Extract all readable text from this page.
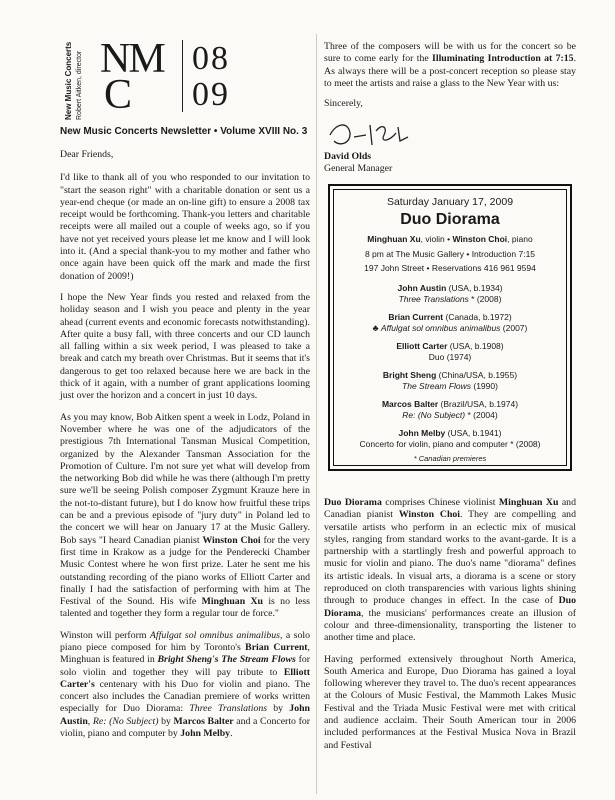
New Music Concerts Robert Aitken, director NM
C
08
09
New Music Concerts Newsletter • Volume XVIII No. 3

Dear Friends,

I'd like to thank all of you who responded to our invitation to "start the season right" with a charitable donation or sent us a year-end cheque (or made an on-line gift) to ensure a 2008 tax receipt would be forthcoming. Thank-you letters and charitable receipts were all mailed out a couple of weeks ago, so if you have not yet received yours please let me know and I will look into it. (And a special thank-you to my mother and father who once again have been quick off the mark and made the first donation of 2009!)

I hope the New Year finds you rested and relaxed from the holiday season and I wish you peace and plenty in the year ahead (current events and economic forecasts notwithstanding). After quite a busy fall, with three concerts and our CD launch all falling within a six week period, I was pleased to take a break and catch my breath over Christmas. But it seems that it's dangerous to get too relaxed because here we are back in the thick of it again, with a number of grant applications looming just over the horizon and a concert in just 10 days.

As you may know, Bob Aitken spent a week in Lodz, Poland in November where he was one of the adjudicators of the prestigious 7th International Tansman Musical Competition, organized by the Alexander Tansman Association for the Promotion of Culture. I'm not sure yet what will develop from the networking Bob did while he was there (although I'm pretty sure we'll be seeing Polish composer Zygmunt Krauze here in the not-to-distant future), but I do know how fruitful these trips can be and a previous episode of "jury duty" in Poland led to the concert we will hear on January 17 at the Music Gallery. Bob says "I heard Canadian pianist Winston Choi for the very first time in Krakow as a judge for the Penderecki Chamber Music Contest where he won first prize. Later he sent me his outstanding recording of the piano works of Elliott Carter and finally I had the satisfaction of performing with him at The Festival of the Sound. His wife Minghuan Xu is no less talented and together they form a regular tour de force."

Winston will perform Affulgat sol omnibus animalibus, a solo piano piece composed for him by Toronto's Brian Current, Minghuan is featured in Bright Sheng's The Stream Flows for solo violin and together they will pay tribute to Elliott Carter's centenary with his Duo for violin and piano. The concert also includes the Canadian premiere of works written especially for Duo Diorama: Three Translations by John Austin, Re: (No Subject) by Marcos Balter and a Concerto for violin, piano and computer by John Melby.

Three of the composers will be with us for the concert so be sure to come early for the Illuminating Introduction at 7:15. As always there will be a post-concert reception so please stay to meet the artists and raise a glass to the New Year with us:

Sincerely,

David Olds
General Manager
Saturday January 17, 2009
Duo Diorama
Minghuan Xu, violin • Winston Choi, piano
8 pm at The Music Gallery • Introduction 7:15
197 John Street • Reservations 416 961 9594
John Austin (USA, b.1934)
Three Translations * (2008)
Brian Current (Canada, b.1972)
♣ Affulgat sol omnibus animalibus (2007)
Elliott Carter (USA, b.1908)
Duo (1974)
Bright Sheng (China/USA, b.1955)
The Stream Flows (1990)
Marcos Balter (Brazil/USA, b.1974)
Re: (No Subject) * (2004)
John Melby (USA, b.1941)
Concerto for violin, piano and computer * (2008)
* Canadian premieres

Duo Diorama comprises Chinese violinist Minghuan Xu and Canadian pianist Winston Choi. They are compelling and versatile artists who perform in an eclectic mix of musical styles, ranging from standard works to the avant-garde. It is a partnership with a startlingly fresh and powerful approach to music for violin and piano. The duo's name "diorama" defines its artistic ideals. In visual arts, a diorama is a scene or story reproduced on cloth transparencies with various lights shining through to produce changes in effect. In the case of Duo Diorama, the musicians' performances create an illusion of colour and three-dimensionality, transporting the listener to another time and place.

Having performed extensively throughout North America, South America and Europe, Duo Diorama has gained a loyal following wherever they travel to. The duo's recent appearances at the Colours of Music Festival, the Mammoth Lakes Music Festival and the Triada Music Festival were met with critical and audience acclaim. Their South American tour in 2006 included performances at the Festival Musica Nova in Brazil and Festival
